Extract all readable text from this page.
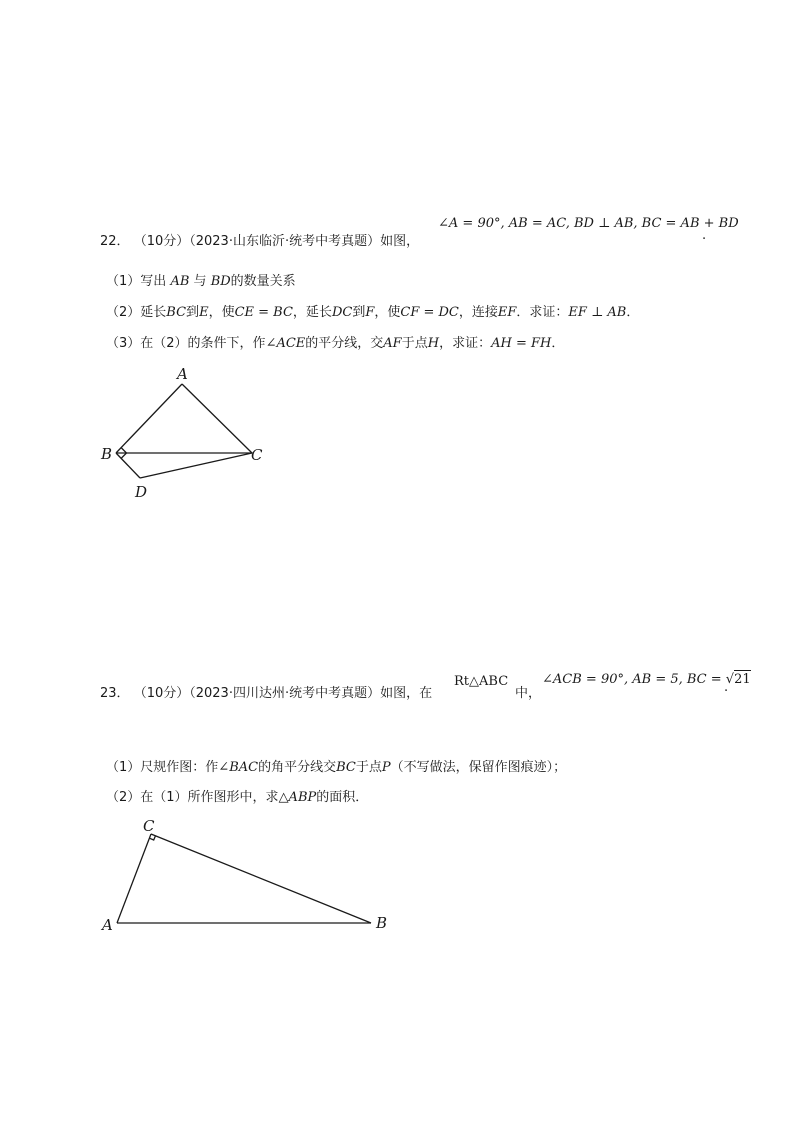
22． （10分）（2023·山东临沂·统考中考真题）如图，
∠A = 90°, AB = AC, BD ⊥ AB, BC = AB + BD
.
（1）写出 AB 与 BD的数量关系
（2）延长BC到E，使CE = BC，延长DC到F，使CF = DC，连接EF．求证：EF ⊥ AB．
（3）在（2）的条件下，作∠ACE的平分线，交AF于点H，求证：AH = FH．
A
B	C
D
23． （10分）（2023·四川达州·统考中考真题）如图，在
Rt△ABC
中，
∠ACB = 90°, AB = 5, BC = √21
.
（1）尺规作图：作∠BAC的角平分线交BC于点P（不写做法，保留作图痕迹）；
（2）在（1）所作图形中，求△ABP的面积．
C
A	B
